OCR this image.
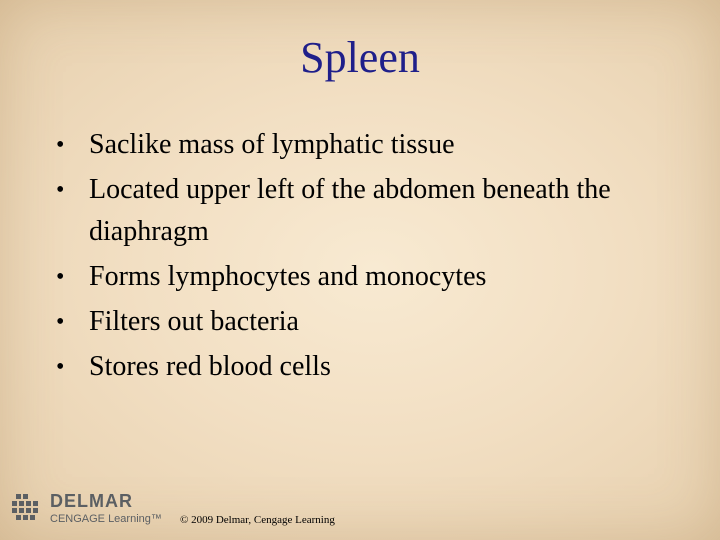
Spleen
• Saclike mass of lymphatic tissue
• Located upper left of the abdomen beneath the diaphragm
• Forms lymphocytes and monocytes
• Filters out bacteria
• Stores red blood cells
DELMAR
CENGAGE Learning™ © 2009 Delmar, Cengage Learning
